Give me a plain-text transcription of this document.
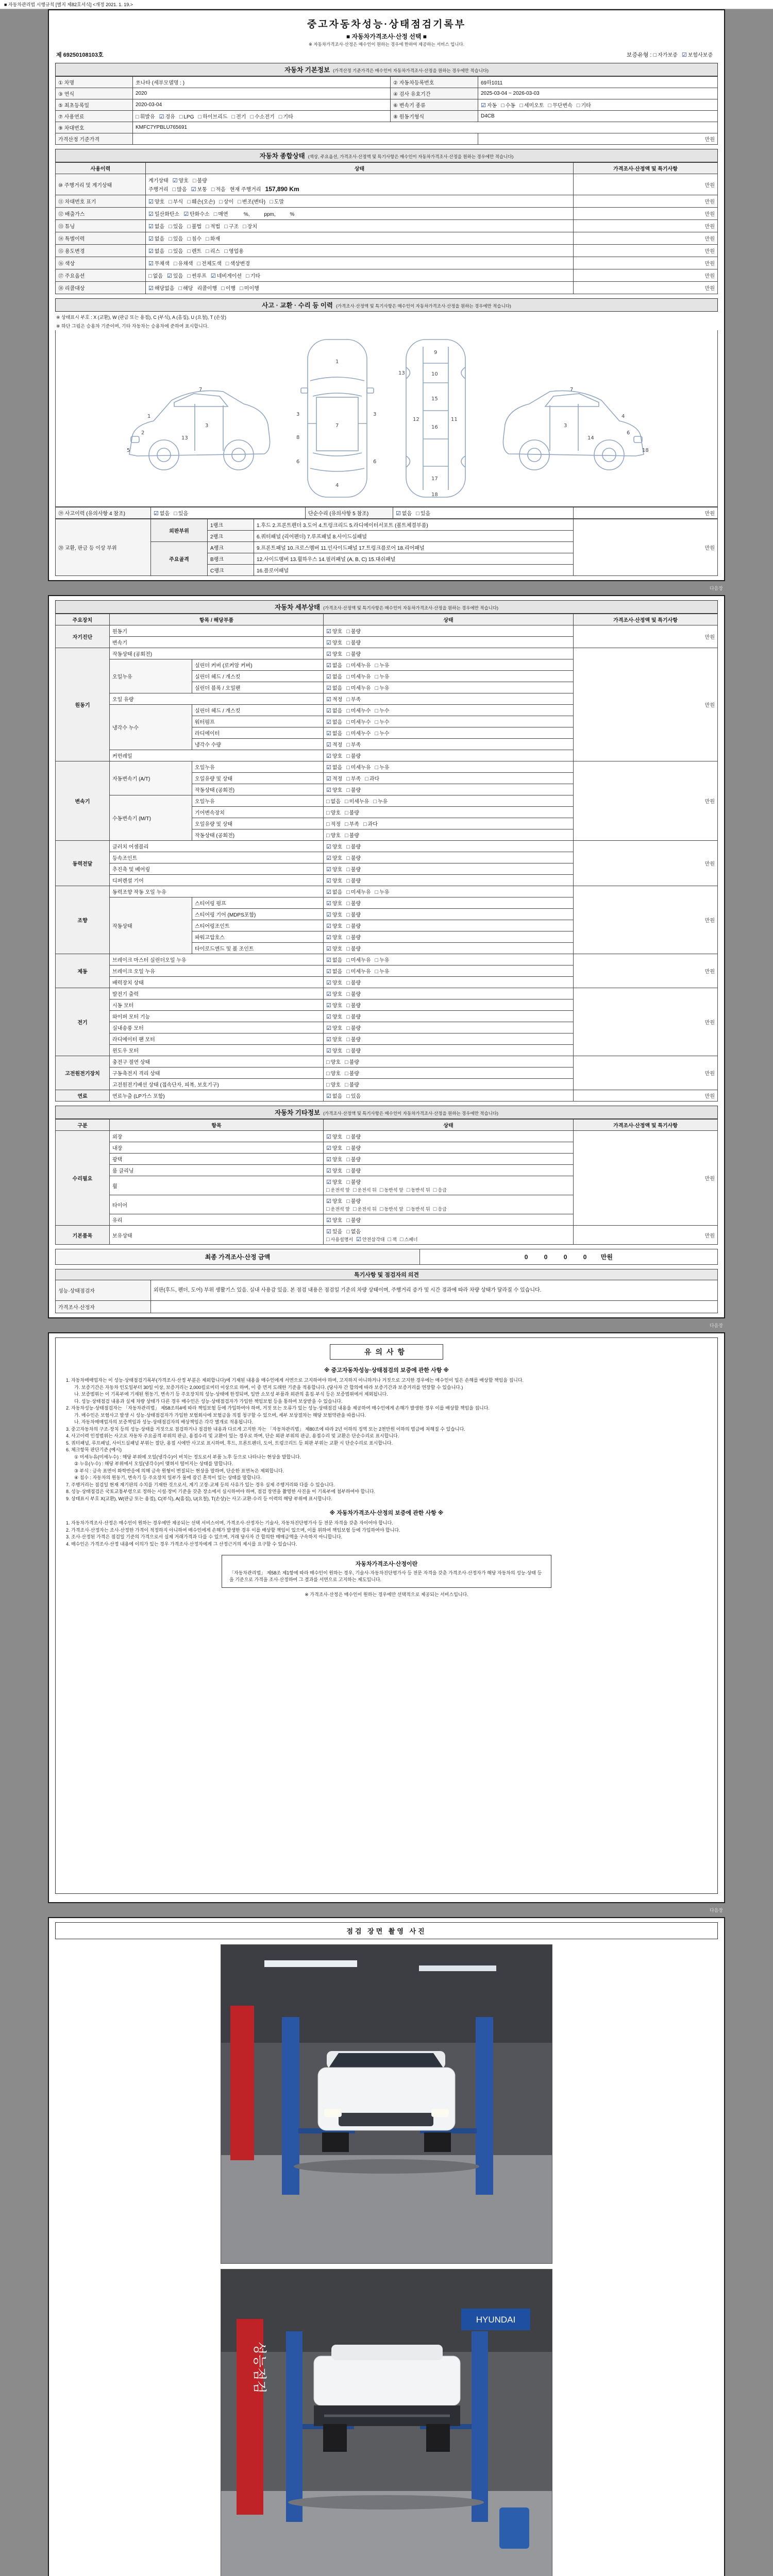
■ 자동차관리법 시행규칙 [별지 제82호서식] <개정 2021. 1. 19.>
중고자동차성능·상태점검기록부
■ 자동차가격조사·산정 선택 ■
※ 자동차가격조사·산정은 매수인이 원하는 경우에 한하여 제공하는 서비스 입니다.
제 69250108103호	보증유형 : □ 자가보증 ☑ 보험사보증
자동차 기본정보 (가격산정 기준가격은 매수인이 자동차가격조사·산정을 원하는 경우에만 적습니다)
① 차명	쏘나타 (세부모델명 : )	② 자동차등록번호	69하1011
③ 연식	2020	④ 검사 유효기간	2025-03-04 ~ 2026-03-03
⑤ 최초등록일	2020-03-04	⑥ 변속기 종류	☑ 자동 □ 수동 □ 세미오토 □ 무단변속 □ 기타
⑦ 사용연료	□ 휘발유 ☑ 경유 □ LPG □ 하이브리드 □ 전기 □ 수소전기 □ 기타	⑧ 원동기형식	D4CB
⑨ 차대번호	KMFC7YPBLU765691		
가격산정 기준가격			만원
자동차 종합상태 (색상, 주요옵션, 가격조사·산정액 및 특기사항은 매수인이 자동차가격조사·산정을 원하는 경우에만 적습니다)
사용이력	상태	가격조사·산정액 및 특기사항
⑩ 주행거리 및 계기상태	계기상태 ☑ 양호 □ 불량
주행거리 □ 많음 ☑ 보통 □ 적음 현재 주행거리 157,890 Km	만원
⑪ 차대번호 표기	☑ 양호 □ 부식 □ 훼손(오손) □ 상이 □ 변조(변타) □ 도말	만원
⑫ 배출가스	☑ 일산화탄소 ☑ 탄화수소 □ 매연        %,          ppm,          %	만원
⑬ 튜닝	☑ 없음 □ 있음 □ 불법 □ 적법 □ 구조 □ 장치	만원
⑭ 특별이력	☑ 없음 □ 있음 □ 침수 □ 화재	만원
⑮ 용도변경	☑ 없음 □ 있음 □ 렌트 □ 리스 □ 영업용	만원
⑯ 색상	☑ 무채색 □ 유채색 □ 전체도색 □ 색상변경	만원
⑰ 주요옵션	□ 없음 ☑ 있음 □ 썬루프 ☑ 네비게이션 □ 기타	만원
⑱ 리콜대상	☑ 해당없음 □ 해당 리콜이행 □ 이행 □ 미이행	만원
사고 · 교환 · 수리 등 이력 (가격조사·산정액 및 특기사항은 매수인이 자동차가격조사·산정을 원하는 경우에만 적습니다)
※ 상태표시 부호 : X (교환), W (판금 또는 용접), C (부식), A (흠집), U (요철), T (손상)
※ 하단 그림은 승용차 기준이며, 기타 자동차는 승용차에 준하여 표시합니다.
1
2
3
5
13
7
1
7
4
3	3
6	6
8
9
10
12
13
15
16
17
18
11
4
6
3
18
14
7
⑲ 사고이력 (유의사항 4 참조)	☑ 없음 □ 있음	단순수리 (유의사항 5 참조)	☑ 없음 □ 있음	만원
⑳ 교환, 판금 등 이상 부위	외판부위	1랭크	1.후드 2.프론트펜더 3.도어 4.트렁크리드 5.라디에이터서포트 (볼트체결부품)	만원
		2랭크	6.쿼터패널 (리어펜더) 7.루프패널 8.사이드실패널	
	주요골격	A랭크	9.프론트패널 10.크로스멤버 11.인사이드패널 17.트렁크플로어 18.리어패널	
		B랭크	12.사이드멤버 13.휠하우스 14.필러패널 (A, B, C) 15.대쉬패널	
		C랭크	16.플로어패널	
다음장
자동차 세부상태 (가격조사·산정액 및 특기사항은 매수인이 자동차가격조사·산정을 원하는 경우에만 적습니다)
주요장치	항목 / 해당부품		상태	가격조사·산정액 및 특기사항
자기진단	원동기		☑ 양호 □ 불량	만원
	변속기		☑ 양호 □ 불량	
원동기	작동상태 (공회전)		☑ 양호 □ 불량	만원
	오일누유	실린더 커버 (로커암 커버)	☑ 없음 □ 미세누유 □ 누유	
		실린더 헤드 / 개스킷	☑ 없음 □ 미세누유 □ 누유	
		실린더 블록 / 오일팬	☑ 없음 □ 미세누유 □ 누유	
	오일 유량		☑ 적정 □ 부족	
	냉각수 누수	실린더 헤드 / 개스킷	☑ 없음 □ 미세누수 □ 누수	
		워터펌프	☑ 없음 □ 미세누수 □ 누수	
		라디에이터	☑ 없음 □ 미세누수 □ 누수	
		냉각수 수량	☑ 적정 □ 부족	
	커먼레일		☑ 양호 □ 불량	
변속기	자동변속기 (A/T)	오일누유	☑ 없음 □ 미세누유 □ 누유	만원
		오일유량 및 상태	☑ 적정 □ 부족 □ 과다	
		작동상태 (공회전)	☑ 양호 □ 불량	
	수동변속기 (M/T)	오일누유	□ 없음 □ 미세누유 □ 누유	
		기어변속장치	□ 양호 □ 불량	
		오일유량 및 상태	□ 적정 □ 부족 □ 과다	
		작동상태 (공회전)	□ 양호 □ 불량	
동력전달	클러치 어셈블리		☑ 양호 □ 불량	만원
	등속조인트		☑ 양호 □ 불량	
	추진축 및 베어링		☑ 양호 □ 불량	
	디퍼렌셜 기어		☑ 양호 □ 불량	
조향	동력조향 작동 오일 누유		☑ 없음 □ 미세누유 □ 누유	만원
	작동상태	스티어링 펌프	☑ 양호 □ 불량	
		스티어링 기어 (MDPS포함)	☑ 양호 □ 불량	
		스티어링조인트	☑ 양호 □ 불량	
		파워고압호스	☑ 양호 □ 불량	
		타이로드엔드 및 볼 조인트	☑ 양호 □ 불량	
제동	브레이크 마스터 실린더오일 누유		☑ 없음 □ 미세누유 □ 누유	만원
	브레이크 오일 누유		☑ 없음 □ 미세누유 □ 누유	
	배력장치 상태		☑ 양호 □ 불량	
전기	발전기 출력		☑ 양호 □ 불량	만원
	시동 모터		☑ 양호 □ 불량	
	와이퍼 모터 기능		☑ 양호 □ 불량	
	실내송풍 모터		☑ 양호 □ 불량	
	라디에이터 팬 모터		☑ 양호 □ 불량	
	윈도우 모터		☑ 양호 □ 불량	
고전원전기장치	충전구 절연 상태		□ 양호 □ 불량	만원
	구동축전지 격리 상태		□ 양호 □ 불량	
	고전원전기배선 상태 (접속단자, 피복, 보호기구)		□ 양호 □ 불량	
연료	연료누출 (LP가스 포함)		☑ 없음 □ 있음	만원
자동차 기타정보 (가격조사·산정액 및 특기사항은 매수인이 자동차가격조사·산정을 원하는 경우에만 적습니다)
구분	항목	상태	가격조사·산정액 및 특기사항
수리필요	외장	☑ 양호 □ 불량	만원
	내장	☑ 양호 □ 불량	
	광택	☑ 양호 □ 불량	
	룸 클리닝	☑ 양호 □ 불량	
	휠	☑ 양호 □ 불량
□ 운전석 앞 □ 운전석 뒤 □ 동반석 앞 □ 동반석 뒤 □ 응급	

	타이어	☑ 양호 □ 불량
□ 운전석 앞 □ 운전석 뒤 □ 동반석 앞 □ 동반석 뒤 □ 응급	

	유리	☑ 양호 □ 불량	
기본품목	보유상태	☑ 있음 □ 없음
□ 사용설명서 ☑ 안전삼각대 □ 잭 □ 스패너	만원
최종 가격조사·산정 금액	0 0 0 0 만원
특기사항 및 점검자의 의견
성능·상태점검자	외판(후드, 펜더, 도어) 부위 생활기스 있음. 실내 사용감 있음. 본 점검 내용은 점검일 기준의 차량 상태이며, 주행거리 증가 및 시간 경과에 따라 차량 상태가 달라질 수 있습니다.
가격조사·산정자	
다음장
유의사항
※ 중고자동차성능·상태점검의 보증에 관한 사항 ※
1. 자동차매매업자는 이 성능·상태점검기록부(가격조사·산정 부분은 제외합니다)에 기재된 내용을 매수인에게 서면으로 고지하여야 하며, 고지하지 아니하거나 거짓으로 고지한 경우에는 매수인이 입은 손해를 배상할 책임을 집니다.
가. 보증기간은 자동차 인도일부터 30일 이상, 보증거리는 2,000킬로미터 이상으로 하며, 이 중 먼저 도래한 기준을 적용합니다. (당사자 간 합의에 따라 보증기간과 보증거리를 연장할 수 있습니다.)
나. 보증범위는 이 기록부에 기재된 원동기, 변속기 등 주요장치의 성능·상태에 한정되며, 일반 소모성 부품과 외관의 흠집·부식 등은 보증범위에서 제외됩니다.
다. 성능·상태점검 내용과 실제 차량 상태가 다른 경우 매수인은 성능·상태점검자가 가입한 책임보험 등을 통하여 보상받을 수 있습니다.
2. 자동차성능·상태점검자는 「자동차관리법」 제58조의4에 따라 책임보험 등에 가입하여야 하며, 거짓 또는 오류가 있는 성능·상태점검 내용을 제공하여 매수인에게 손해가 발생한 경우 이를 배상할 책임을 집니다.
가. 매수인은 보험사고 발생 시 성능·상태점검자가 가입한 보험회사에 보험금을 직접 청구할 수 있으며, 세부 보상절차는 해당 보험약관을 따릅니다.
나. 자동차매매업자의 보증책임과 성능·상태점검자의 배상책임은 각각 별개로 적용됩니다.
3. 중고자동차의 구조·장치 등의 성능·상태를 거짓으로 점검하거나 점검한 내용과 다르게 고지한 자는 「자동차관리법」 제80조에 따라 2년 이하의 징역 또는 2천만원 이하의 벌금에 처해질 수 있습니다.
4. 사고이력 인정범위는 사고로 자동차 주요골격 부위의 판금, 용접수리 및 교환이 있는 경우로 하며, 단순 외판 부위의 판금, 용접수리 및 교환은 단순수리로 표시합니다.
5. 쿼터패널, 루프패널, 사이드실패널 부위는 절단, 용접 시에만 사고로 표시하며, 후드, 프론트펜더, 도어, 트렁크리드 등 외판 부위는 교환 시 단순수리로 표시합니다.
6. 체크항목 판단기준 (예시)
① 미세누유(미세누수) : 해당 부위에 오일(냉각수)이 비치는 정도로서 부품 노후 등으로 나타나는 현상을 말합니다.
② 누유(누수) : 해당 부위에서 오일(냉각수)이 맺혀서 떨어지는 상태를 말합니다.
③ 부식 : 금속 표면이 화학반응에 의해 금속 원형이 변질되는 현상을 말하며, 단순한 표면녹은 제외합니다.
④ 침수 : 자동차의 원동기, 변속기 등 주요장치 일부가 물에 잠긴 흔적이 있는 상태를 말합니다.
7. 주행거리는 점검일 현재 계기판의 수치를 기재한 것으로서, 계기 고장·교체 등의 사유가 있는 경우 실제 주행거리와 다를 수 있습니다.
8. 성능·상태점검은 국토교통부령으로 정하는 시설·장비 기준을 갖춘 장소에서 실시하여야 하며, 점검 장면을 촬영한 사진을 이 기록부에 첨부하여야 합니다.
9. 상태표시 부호 X(교환), W(판금 또는 용접), C(부식), A(흠집), U(요철), T(손상)는 사고·교환·수리 등 이력의 해당 부위에 표시합니다.
※ 자동차가격조사·산정의 보증에 관한 사항 ※
1. 자동차가격조사·산정은 매수인이 원하는 경우에만 제공되는 선택 서비스이며, 가격조사·산정자는 기술사, 자동차진단평가사 등 전문 자격을 갖춘 자이어야 합니다.
2. 가격조사·산정자는 조사·산정한 가격이 적정하지 아니하여 매수인에게 손해가 발생한 경우 이를 배상할 책임이 있으며, 이를 위하여 책임보험 등에 가입하여야 합니다.
3. 조사·산정된 가격은 점검일 기준의 가격으로서 실제 거래가격과 다를 수 있으며, 거래 당사자 간 합의한 매매금액을 구속하지 아니합니다.
4. 매수인은 가격조사·산정 내용에 이의가 있는 경우 가격조사·산정자에게 그 산정근거의 제시를 요구할 수 있습니다.
자동차가격조사·산정이란
「자동차관리법」 제58조 제1항에 따라 매수인이 원하는 경우, 기술사·자동차진단평가사 등 전문 자격을 갖춘 가격조사·산정자가 해당 자동차의 성능·상태 등을 기준으로 가격을 조사·산정하여 그 결과를 서면으로 고지하는 제도입니다.
※ 가격조사·산정은 매수인이 원하는 경우에만 선택적으로 제공되는 서비스입니다.
다음장
점검 장면 촬영 사진
성능점검
HYUNDAI
